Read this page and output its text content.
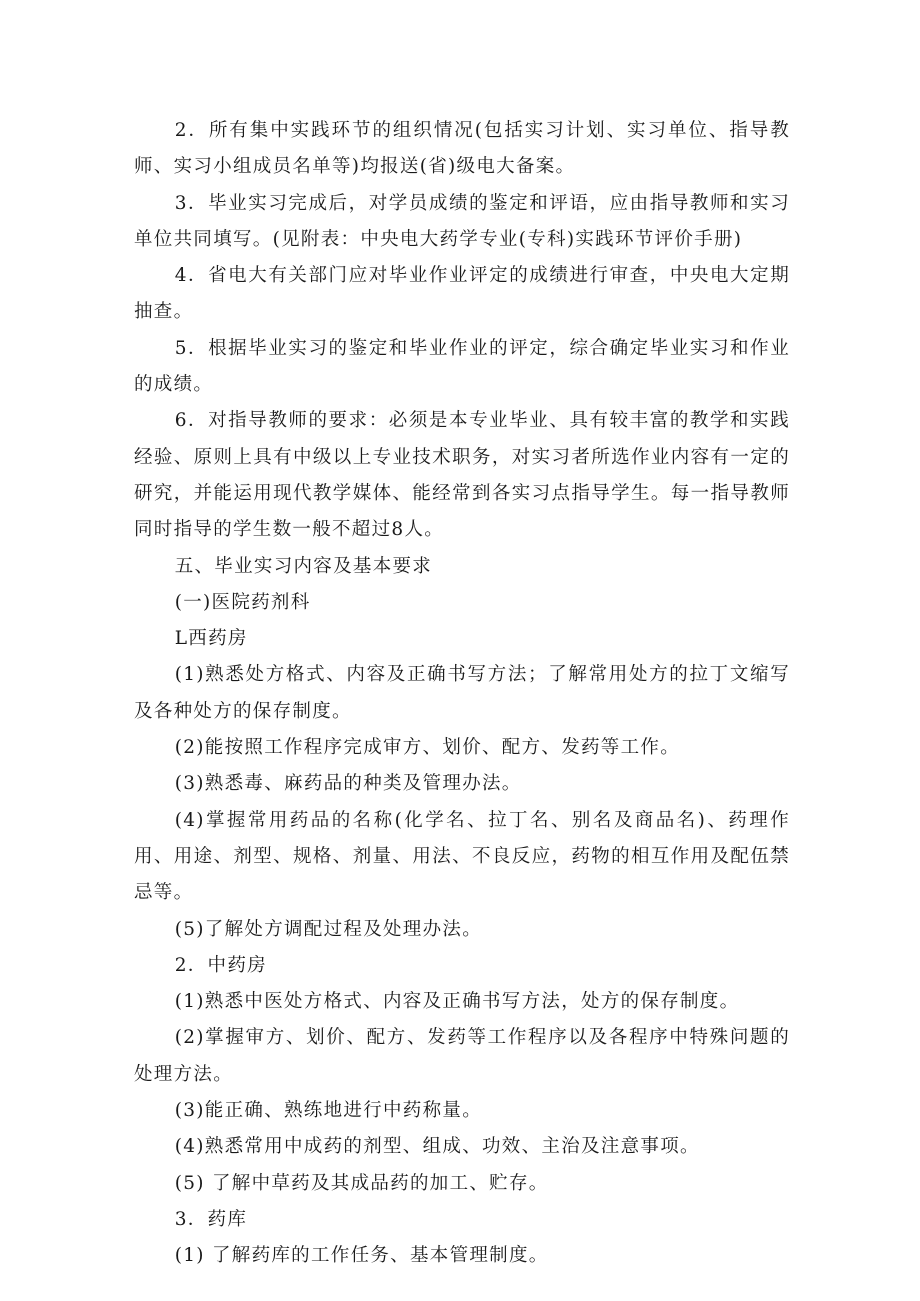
2．所有集中实践环节的组织情况(包括实习计划、实习单位、指导教师、实习小组成员名单等)均报送(省)级电大备案。

3．毕业实习完成后，对学员成绩的鉴定和评语，应由指导教师和实习单位共同填写。(见附表：中央电大药学专业(专科)实践环节评价手册)

4．省电大有关部门应对毕业作业评定的成绩进行审查，中央电大定期抽查。

5．根据毕业实习的鉴定和毕业作业的评定，综合确定毕业实习和作业的成绩。

6．对指导教师的要求：必须是本专业毕业、具有较丰富的教学和实践经验、原则上具有中级以上专业技术职务，对实习者所选作业内容有一定的研究，并能运用现代教学媒体、能经常到各实习点指导学生。每一指导教师同时指导的学生数一般不超过8人。

五、毕业实习内容及基本要求

(一)医院药剂科

L西药房

(1)熟悉处方格式、内容及正确书写方法；了解常用处方的拉丁文缩写及各种处方的保存制度。

(2)能按照工作程序完成审方、划价、配方、发药等工作。

(3)熟悉毒、麻药品的种类及管理办法。

(4)掌握常用药品的名称(化学名、拉丁名、别名及商品名)、药理作用、用途、剂型、规格、剂量、用法、不良反应，药物的相互作用及配伍禁忌等。

(5)了解处方调配过程及处理办法。

2．中药房

(1)熟悉中医处方格式、内容及正确书写方法，处方的保存制度。

(2)掌握审方、划价、配方、发药等工作程序以及各程序中特殊问题的处理方法。

(3)能正确、熟练地进行中药称量。

(4)熟悉常用中成药的剂型、组成、功效、主治及注意事项。

(5) 了解中草药及其成品药的加工、贮存。

3．药库

(1) 了解药库的工作任务、基本管理制度。
